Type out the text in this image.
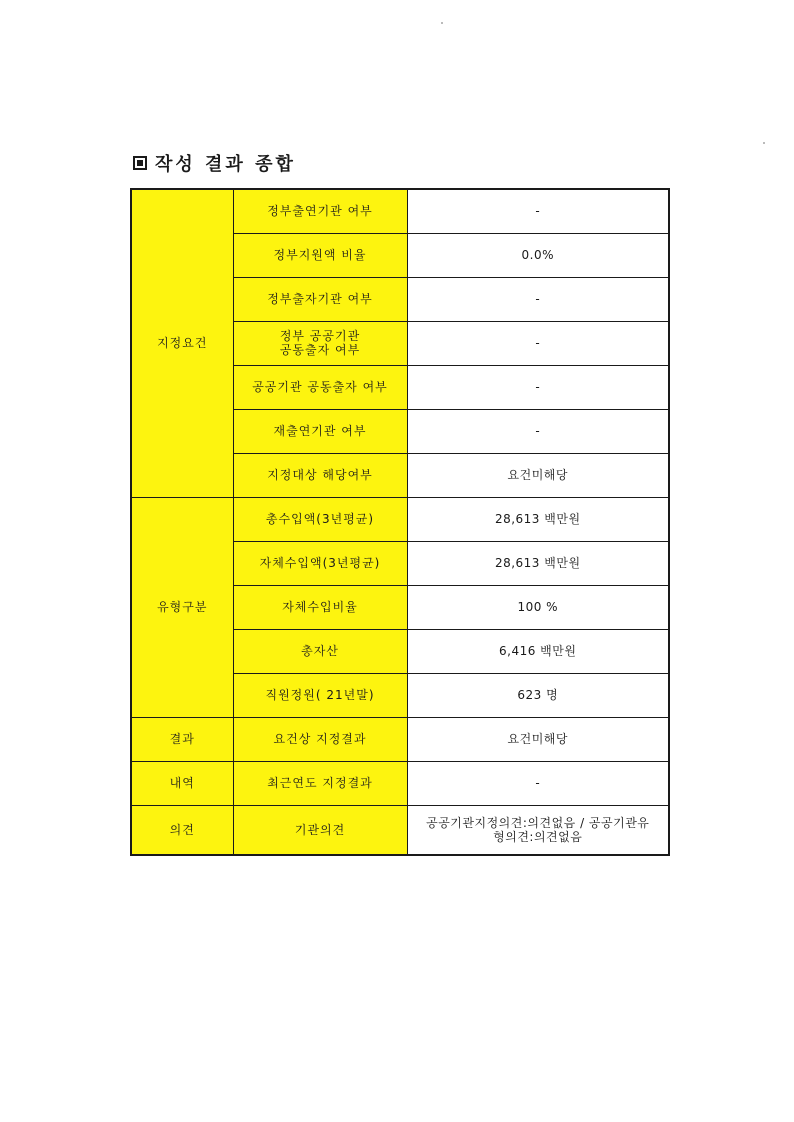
작성 결과 종합
지정요건	정부출연기관 여부	-
	정부지원액 비율	0.0%
	정부출자기관 여부	-
	정부 공공기관
공동출자 여부	-
	공공기관 공동출자 여부	-
	재출연기관 여부	-
	지정대상 해당여부	요건미해당
유형구분	총수입액(3년평균)	28,613 백만원
	자체수입액(3년평균)	28,613 백만원
	자체수입비율	100 %
	총자산	6,416 백만원
	직원정원( 21년말)	623 명
결과	요건상 지정결과	요건미해당
내역	최근연도 지정결과	-
의견	기관의견	공공기관지정의견:의견없음 / 공공기관유
형의견:의견없음
